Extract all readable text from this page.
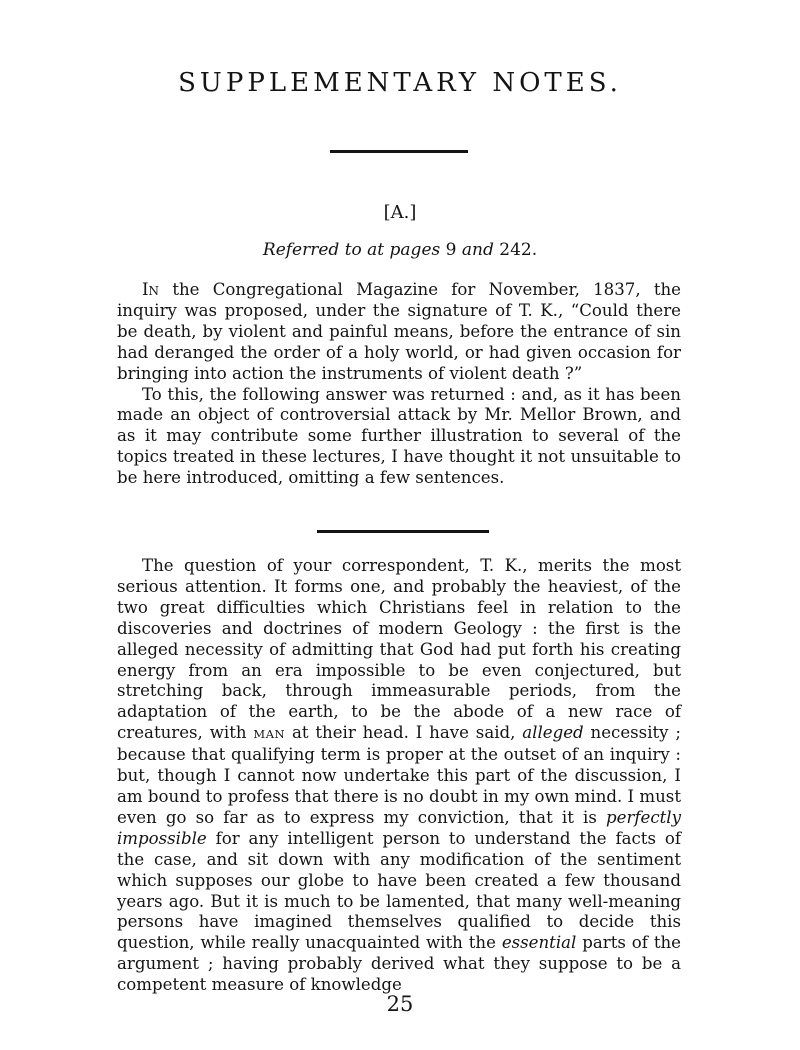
SUPPLEMENTARY NOTES.
[A.]
Referred to at pages 9 and 242.

In the Congregational Magazine for November, 1837, the inquiry was proposed, under the signature of T. K., “Could there be death, by violent and painful means, before the entrance of sin had deranged the order of a holy world, or had given occasion for bringing into action the instruments of violent death ?”

To this, the following answer was returned : and, as it has been made an object of controversial attack by Mr. Mellor Brown, and as it may contribute some further illustration to several of the topics treated in these lectures, I have thought it not unsuitable to be here introduced, omitting a few sentences.

The question of your correspondent, T. K., merits the most serious attention. It forms one, and probably the heaviest, of the two great difficulties which Christians feel in relation to the discoveries and doctrines of modern Geology : the first is the alleged necessity of admitting that God had put forth his creating energy from an era impossible to be even conjectured, but stretching back, through immeasurable periods, from the adaptation of the earth, to be the abode of a new race of creatures, with MAN at their head. I have said, alleged necessity ; because that qualifying term is proper at the outset of an inquiry : but, though I cannot now undertake this part of the discussion, I am bound to profess that there is no doubt in my own mind. I must even go so far as to express my conviction, that it is perfectly impossible for any intelligent person to understand the facts of the case, and sit down with any modification of the sentiment which supposes our globe to have been created a few thousand years ago. But it is much to be lamented, that many well-meaning persons have imagined themselves qualified to decide this question, while really unacquainted with the essential parts of the argument ; having probably derived what they suppose to be a competent measure of knowledge

25
